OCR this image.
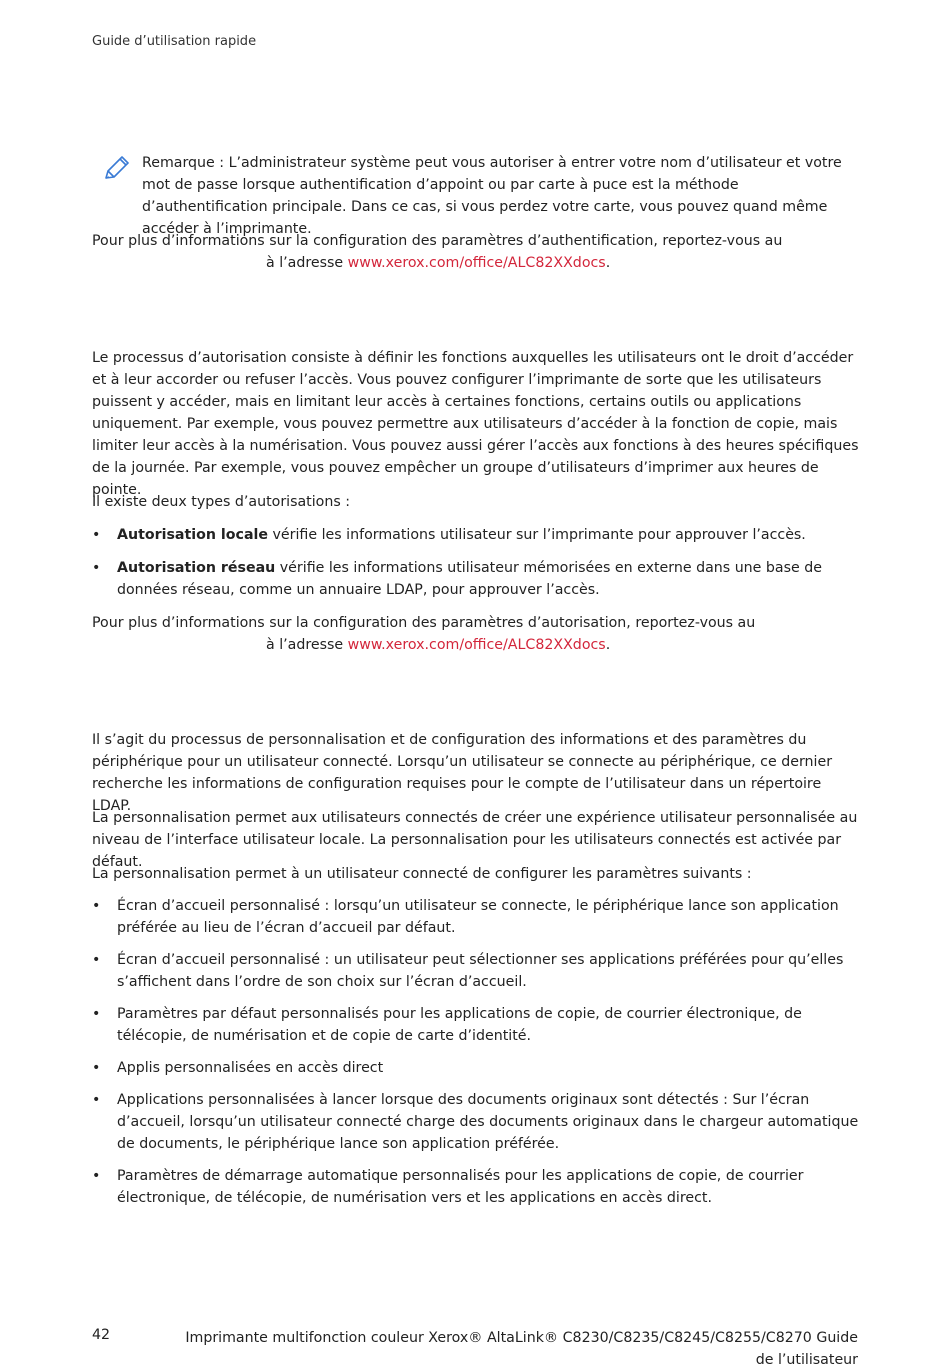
Guide d’utilisation rapide
Remarque : L’administrateur système peut vous autoriser à entrer votre nom d’utilisateur et votre mot de passe lorsque authentification d’appoint ou par carte à puce est la méthode d’authentification principale. Dans ce cas, si vous perdez votre carte, vous pouvez quand même accéder à l’imprimante.
Pour plus d’informations sur la configuration des paramètres d’authentification, reportez-vous au
à l’adresse www.xerox.com/office/ALC82XXdocs.

Le processus d’autorisation consiste à définir les fonctions auxquelles les utilisateurs ont le droit d’accéder et à leur accorder ou refuser l’accès. Vous pouvez configurer l’imprimante de sorte que les utilisateurs puissent y accéder, mais en limitant leur accès à certaines fonctions, certains outils ou applications uniquement. Par exemple, vous pouvez permettre aux utilisateurs d’accéder à la fonction de copie, mais limiter leur accès à la numérisation. Vous pouvez aussi gérer l’accès aux fonctions à des heures spécifiques de la journée. Par exemple, vous pouvez empêcher un groupe d’utilisateurs d’imprimer aux heures de pointe.

Il existe deux types d’autorisations :

• Autorisation locale vérifie les informations utilisateur sur l’imprimante pour approuver l’accès.
• Autorisation réseau vérifie les informations utilisateur mémorisées en externe dans une base de données réseau, comme un annuaire LDAP, pour approuver l’accès.
Pour plus d’informations sur la configuration des paramètres d’autorisation, reportez-vous au
à l’adresse www.xerox.com/office/ALC82XXdocs.

Il s’agit du processus de personnalisation et de configuration des informations et des paramètres du périphérique pour un utilisateur connecté. Lorsqu’un utilisateur se connecte au périphérique, ce dernier recherche les informations de configuration requises pour le compte de l’utilisateur dans un répertoire LDAP.

La personnalisation permet aux utilisateurs connectés de créer une expérience utilisateur personnalisée au niveau de l’interface utilisateur locale. La personnalisation pour les utilisateurs connectés est activée par défaut.

La personnalisation permet à un utilisateur connecté de configurer les paramètres suivants :

• Écran d’accueil personnalisé : lorsqu’un utilisateur se connecte, le périphérique lance son application préférée au lieu de l’écran d’accueil par défaut.
• Écran d’accueil personnalisé : un utilisateur peut sélectionner ses applications préférées pour qu’elles s’affichent dans l’ordre de son choix sur l’écran d’accueil.
• Paramètres par défaut personnalisés pour les applications de copie, de courrier électronique, de télécopie, de numérisation et de copie de carte d’identité.
• Applis personnalisées en accès direct
• Applications personnalisées à lancer lorsque des documents originaux sont détectés : Sur l’écran d’accueil, lorsqu’un utilisateur connecté charge des documents originaux dans le chargeur automatique de documents, le périphérique lance son application préférée.
• Paramètres de démarrage automatique personnalisés pour les applications de copie, de courrier électronique, de télécopie, de numérisation vers et les applications en accès direct.
42	Imprimante multifonction couleur Xerox® AltaLink® C8230/C8235/C8245/C8255/C8270 Guide de l’utilisateur
